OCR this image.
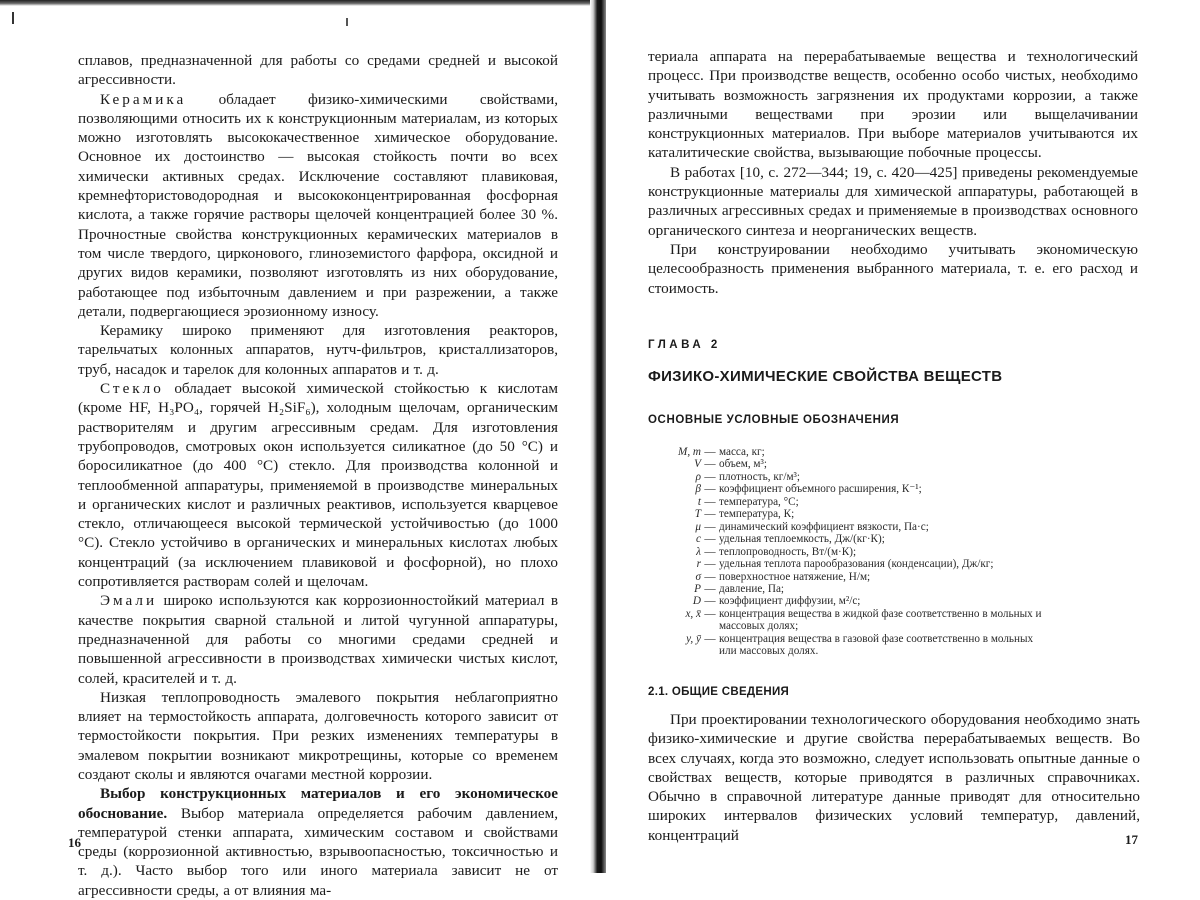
сплавов, предназначенной для работы со средами средней и высокой агрессивности.

Керамика обладает физико-химическими свойствами, позволяющими относить их к конструкционным материалам, из которых можно изготовлять высококачественное химическое оборудование. Основное их достоинство — высокая стойкость почти во всех химически активных средах. Исключение составляют плавиковая, кремнефтористоводородная и высококонцентрированная фосфорная кислота, а также горячие растворы щелочей концентрацией более 30 %. Прочностные свойства конструкционных керамических материалов в том числе твердого, цирконового, глиноземистого фарфора, оксидной и других видов керамики, позволяют изготовлять из них оборудование, работающее под избыточным давлением и при разрежении, а также детали, подвергающиеся эрозионному износу.

Керамику широко применяют для изготовления реакторов, тарельчатых колонных аппаратов, нутч-фильтров, кристаллизаторов, труб, насадок и тарелок для колонных аппаратов и т. д.

Стекло обладает высокой химической стойкостью к кислотам (кроме HF, H₃PO₄, горячей H₂SiF₆), холодным щелочам, органическим растворителям и другим агрессивным средам. Для изготовления трубопроводов, смотровых окон используется силикатное (до 50 °C) и боросиликатное (до 400 °C) стекло. Для производства колонной и теплообменной аппаратуры, применяемой в производстве минеральных и органических кислот и различных реактивов, используется кварцевое стекло, отличающееся высокой термической устойчивостью (до 1000 °C). Стекло устойчиво в органических и минеральных кислотах любых концентраций (за исключением плавиковой и фосфорной), но плохо сопротивляется растворам солей и щелочам.

Эмали широко используются как коррозионностойкий материал в качестве покрытия сварной стальной и литой чугунной аппаратуры, предназначенной для работы со многими средами средней и повышенной агрессивности в производствах химически чистых кислот, солей, красителей и т. д.

Низкая теплопроводность эмалевого покрытия неблагоприятно влияет на термостойкость аппарата, долговечность которого зависит от термостойкости покрытия. При резких изменениях температуры в эмалевом покрытии возникают микротрещины, которые со временем создают сколы и являются очагами местной коррозии.

Выбор конструкционных материалов и его экономическое обоснование. Выбор материала определяется рабочим давлением, температурой стенки аппарата, химическим составом и свойствами среды (коррозионной активностью, взрывоопасностью, токсичностью и т. д.). Часто выбор того или иного материала зависит не от агрессивности среды, а от влияния ма-

16

териала аппарата на перерабатываемые вещества и технологический процесс. При производстве веществ, особенно особо чистых, необходимо учитывать возможность загрязнения их продуктами коррозии, а также различными веществами при эрозии или выщелачивании конструкционных материалов. При выборе материалов учитываются их каталитические свойства, вызывающие побочные процессы.

В работах [10, с. 272—344; 19, с. 420—425] приведены рекомендуемые конструкционные материалы для химической аппаратуры, работающей в различных агрессивных средах и применяемые в производствах основного органического синтеза и неорганических веществ.

При конструировании необходимо учитывать экономическую целесообразность применения выбранного материала, т. е. его расход и стоимость.

ГЛАВА 2
ФИЗИКО-ХИМИЧЕСКИЕ СВОЙСТВА ВЕЩЕСТВ
ОСНОВНЫЕ УСЛОВНЫЕ ОБОЗНАЧЕНИЯ
M, m — масса, кг;
V — объем, м³;
ρ — плотность, кг/м³;
β — коэффициент объемного расширения, К⁻¹;
t — температура, °C;
T — температура, К;
μ — динамический коэффициент вязкости, Па·с;
c — удельная теплоемкость, Дж/(кг·К);
λ — теплопроводность, Вт/(м·К);
r — удельная теплота парообразования (конденсации), Дж/кг;
σ — поверхностное натяжение, Н/м;
P — давление, Па;
D — коэффициент диффузии, м²/с;
x, x̄ — концентрация вещества в жидкой фазе соответственно в мольных и
массовых долях;
y, ȳ — концентрация вещества в газовой фазе соответственно в мольных
или массовых долях.
2.1. ОБЩИЕ СВЕДЕНИЯ

При проектировании технологического оборудования необходимо знать физико-химические и другие свойства перерабатываемых веществ. Во всех случаях, когда это возможно, следует использовать опытные данные о свойствах веществ, которые приводятся в различных справочниках. Обычно в справочной литературе данные приводят для относительно широких интервалов физических условий температур, давлений, концентраций	17
